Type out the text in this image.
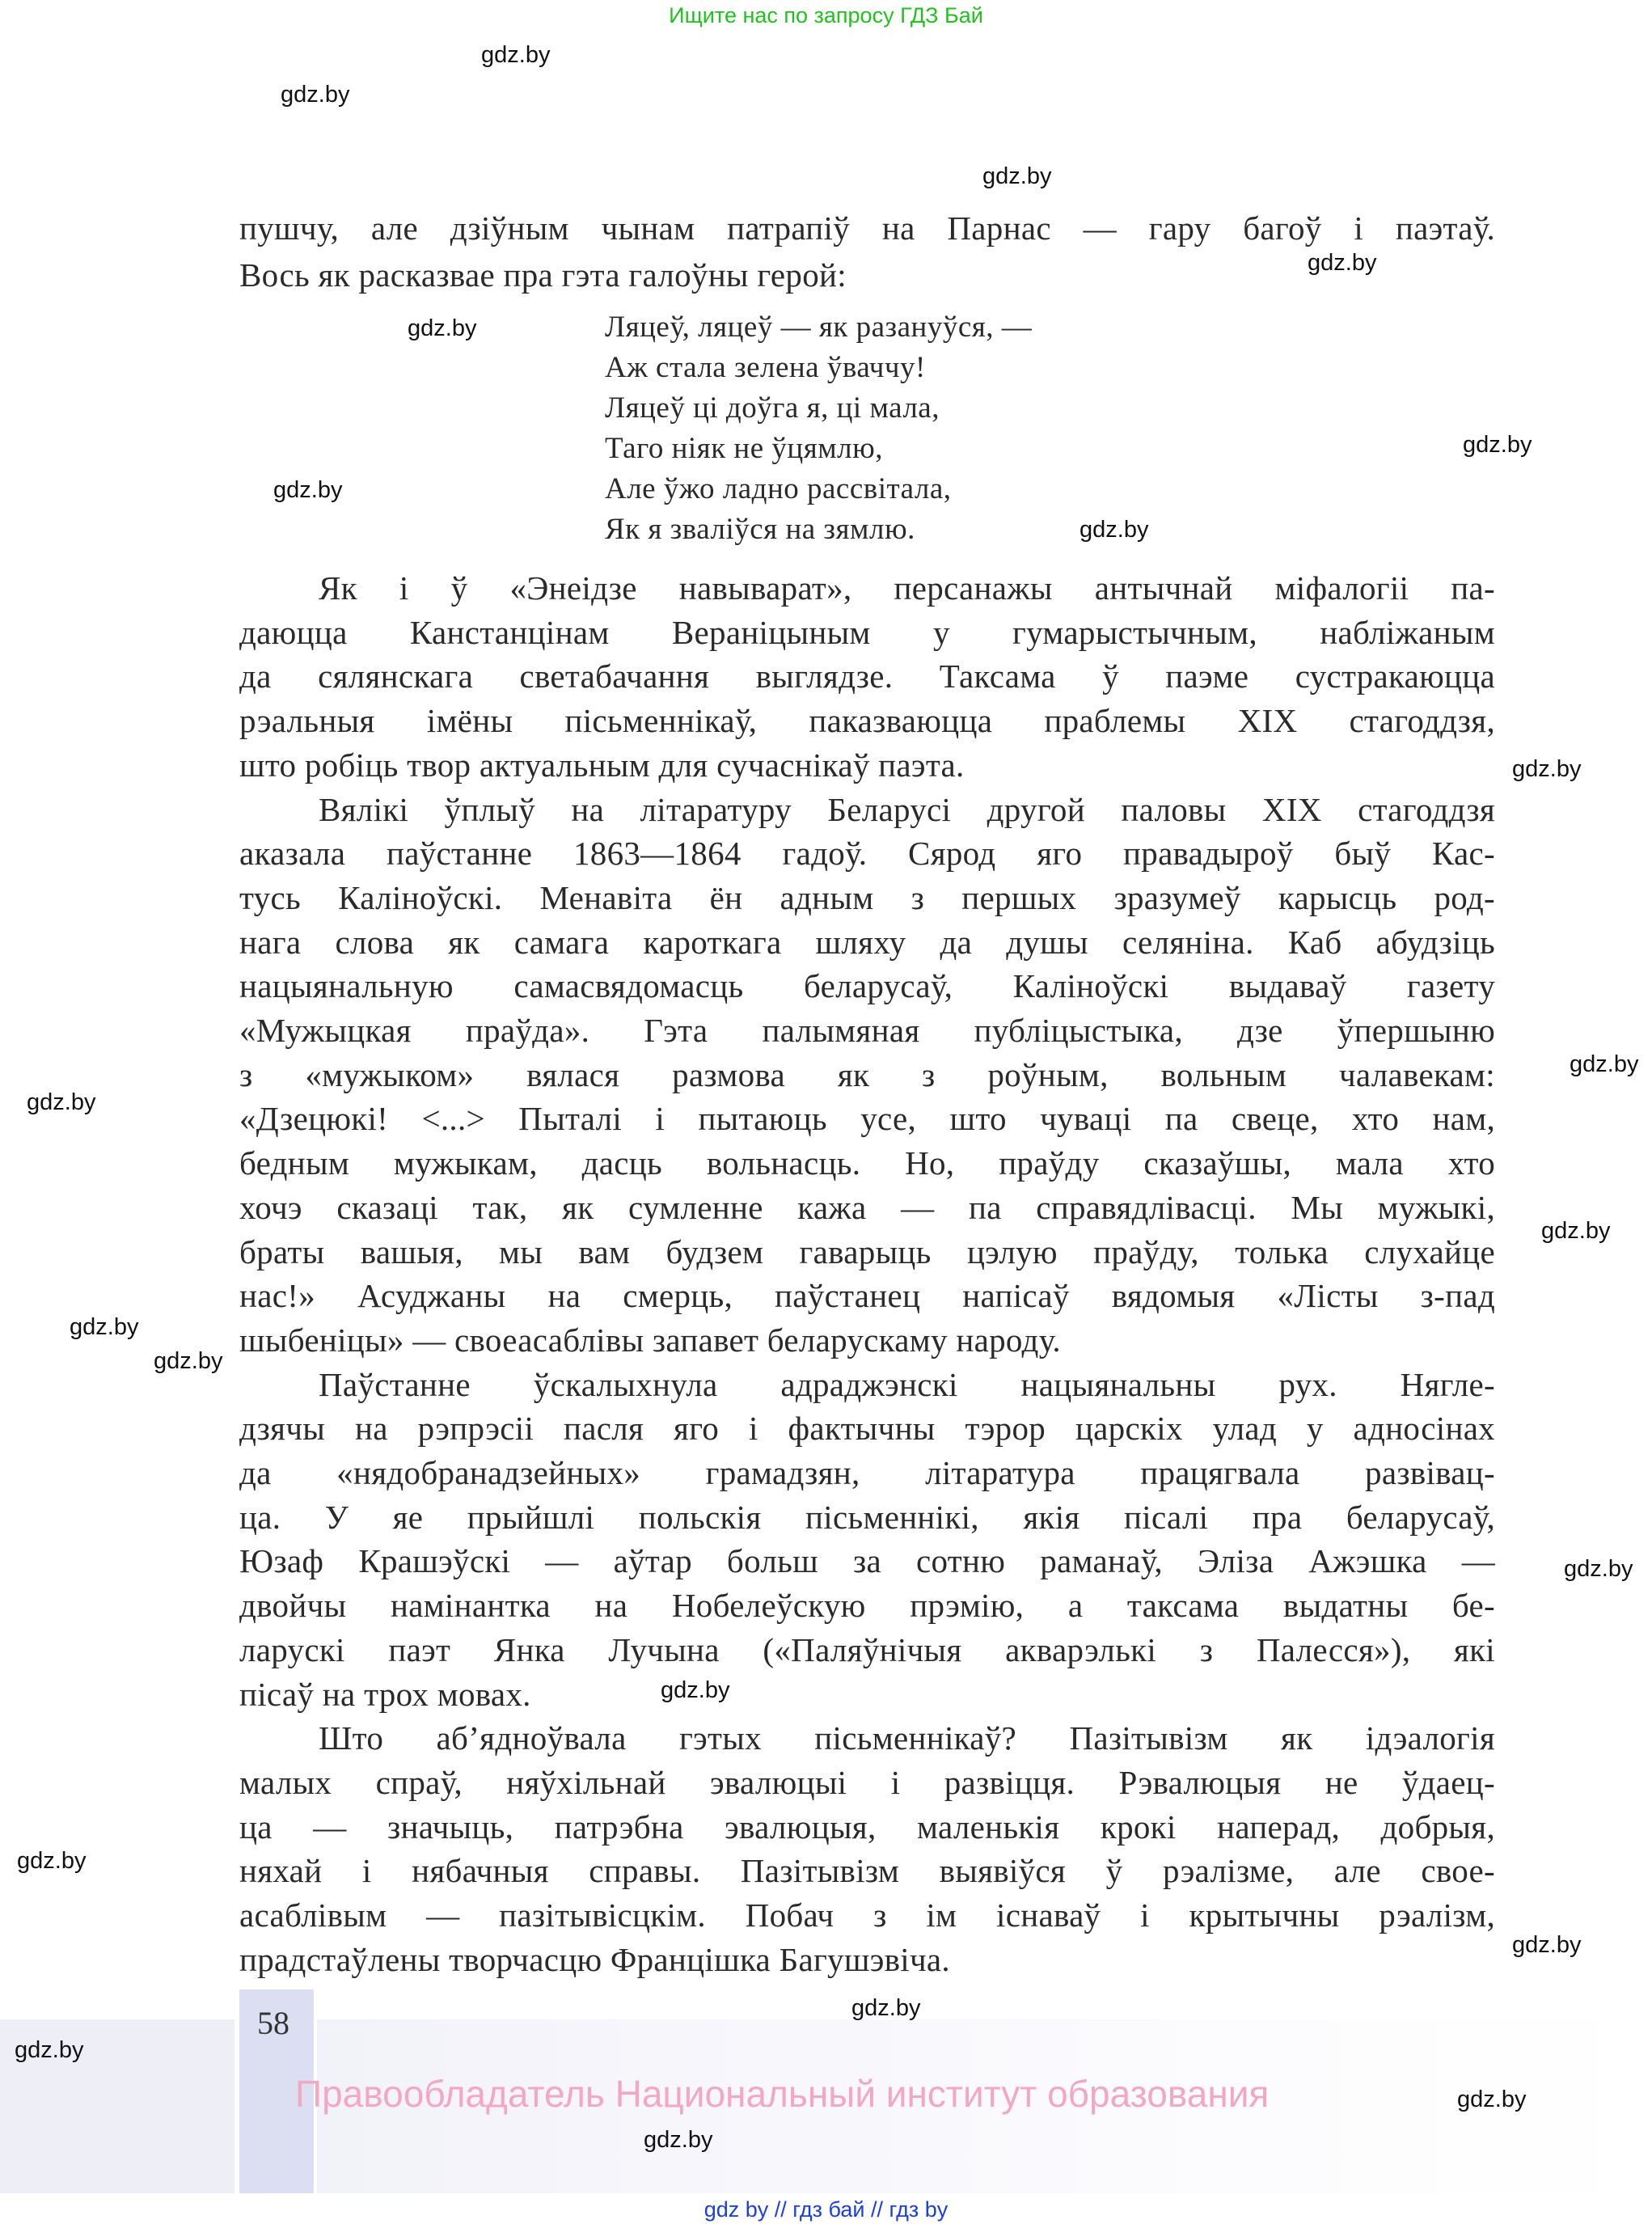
Ищите нас по запросу ГДЗ Бай
пушчу, але дзіўным чынам патрапіў на Парнас — гару багоў і паэтаў.
Вось як расказвае пра гэта галоўны герой:
Ляцеў, ляцеў — як разануўся, —
Аж стала зелена ўваччу!
Ляцеў ці доўга я, ці мала,
Таго ніяк не ўцямлю,
Але ўжо ладно рассвітала,
Як я зваліўся на зямлю.
Як і ў «Энеідзе навыварат», персанажы антычнай міфалогіі па-
даюцца Канстанцінам Вераніцыным у гумарыстычным, набліжаным
да сялянскага светабачання выглядзе. Таксама ў паэме сустракаюцца
рэальныя імёны пісьменнікаў, паказваюцца праблемы XIX стагоддзя,
што робіць твор актуальным для сучаснікаў паэта.
Вялікі ўплыў на літаратуру Беларусі другой паловы XIX стагоддзя
аказала паўстанне 1863—1864 гадоў. Сярод яго правадыроў быў Кас-
тусь Каліноўскі. Менавіта ён адным з першых зразумеў карысць род-
нага слова як самага кароткага шляху да душы селяніна. Каб абудзіць
нацыянальную самасвядомасць беларусаў, Каліноўскі выдаваў газету
«Мужыцкая праўда». Гэта палымяная публіцыстыка, дзе ўпершыню
з «мужыком» вялася размова як з роўным, вольным чалавекам:
«Дзецюкі! <...> Пыталі і пытаюць усе, што чуваці па свеце, хто нам,
бедным мужыкам, дасць вольнасць. Но, праўду сказаўшы, мала хто
хочэ сказаці так, як сумленне кажа — па справядлівасці. Мы мужыкі,
браты вашыя, мы вам будзем гаварыць цэлую праўду, толька слухайце
нас!» Асуджаны на смерць, паўстанец напісаў вядомыя «Лісты з-пад
шыбеніцы» — своеасаблівы запавет беларускаму народу.
Паўстанне ўскалыхнула адраджэнскі нацыянальны рух. Нягле-
дзячы на рэпрэсіі пасля яго і фактычны тэрор царскіх улад у адносінах
да «нядобранадзейных» грамадзян, літаратура працягвала развівац-
ца. У яе прыйшлі польскія пісьменнікі, якія пісалі пра беларусаў,
Юзаф Крашэўскі — аўтар больш за сотню раманаў, Эліза Ажэшка —
двойчы намінантка на Нобелеўскую прэмію, а таксама выдатны бе-
ларускі паэт Янка Лучына («Паляўнічыя акварэлькі з Палесся»), які
пісаў на трох мовах.
Што аб’ядноўвала гэтых пісьменнікаў? Пазітывізм як ідэалогія
малых спраў, няўхільнай эвалюцыі і развіцця. Рэвалюцыя не ўдаец-
ца — значыць, патрэбна эвалюцыя, маленькія крокі наперад, добрыя,
няхай і нябачныя справы. Пазітывізм выявіўся ў рэалізме, але свое-
асаблівым — пазітывісцкім. Побач з ім існаваў і крытычны рэалізм,
прадстаўлены творчасцю Францішка Багушэвіча.
58
Правообладатель Национальный институт образования
gdz by // гдз бай // гдз by
gdz.by
gdz.by
gdz.by
gdz.by
gdz.by
gdz.by
gdz.by
gdz.by
gdz.by
gdz.by
gdz.by
gdz.by
gdz.by
gdz.by
gdz.by
gdz.by
gdz.by
gdz.by
gdz.by
gdz.by
gdz.by
gdz.by
